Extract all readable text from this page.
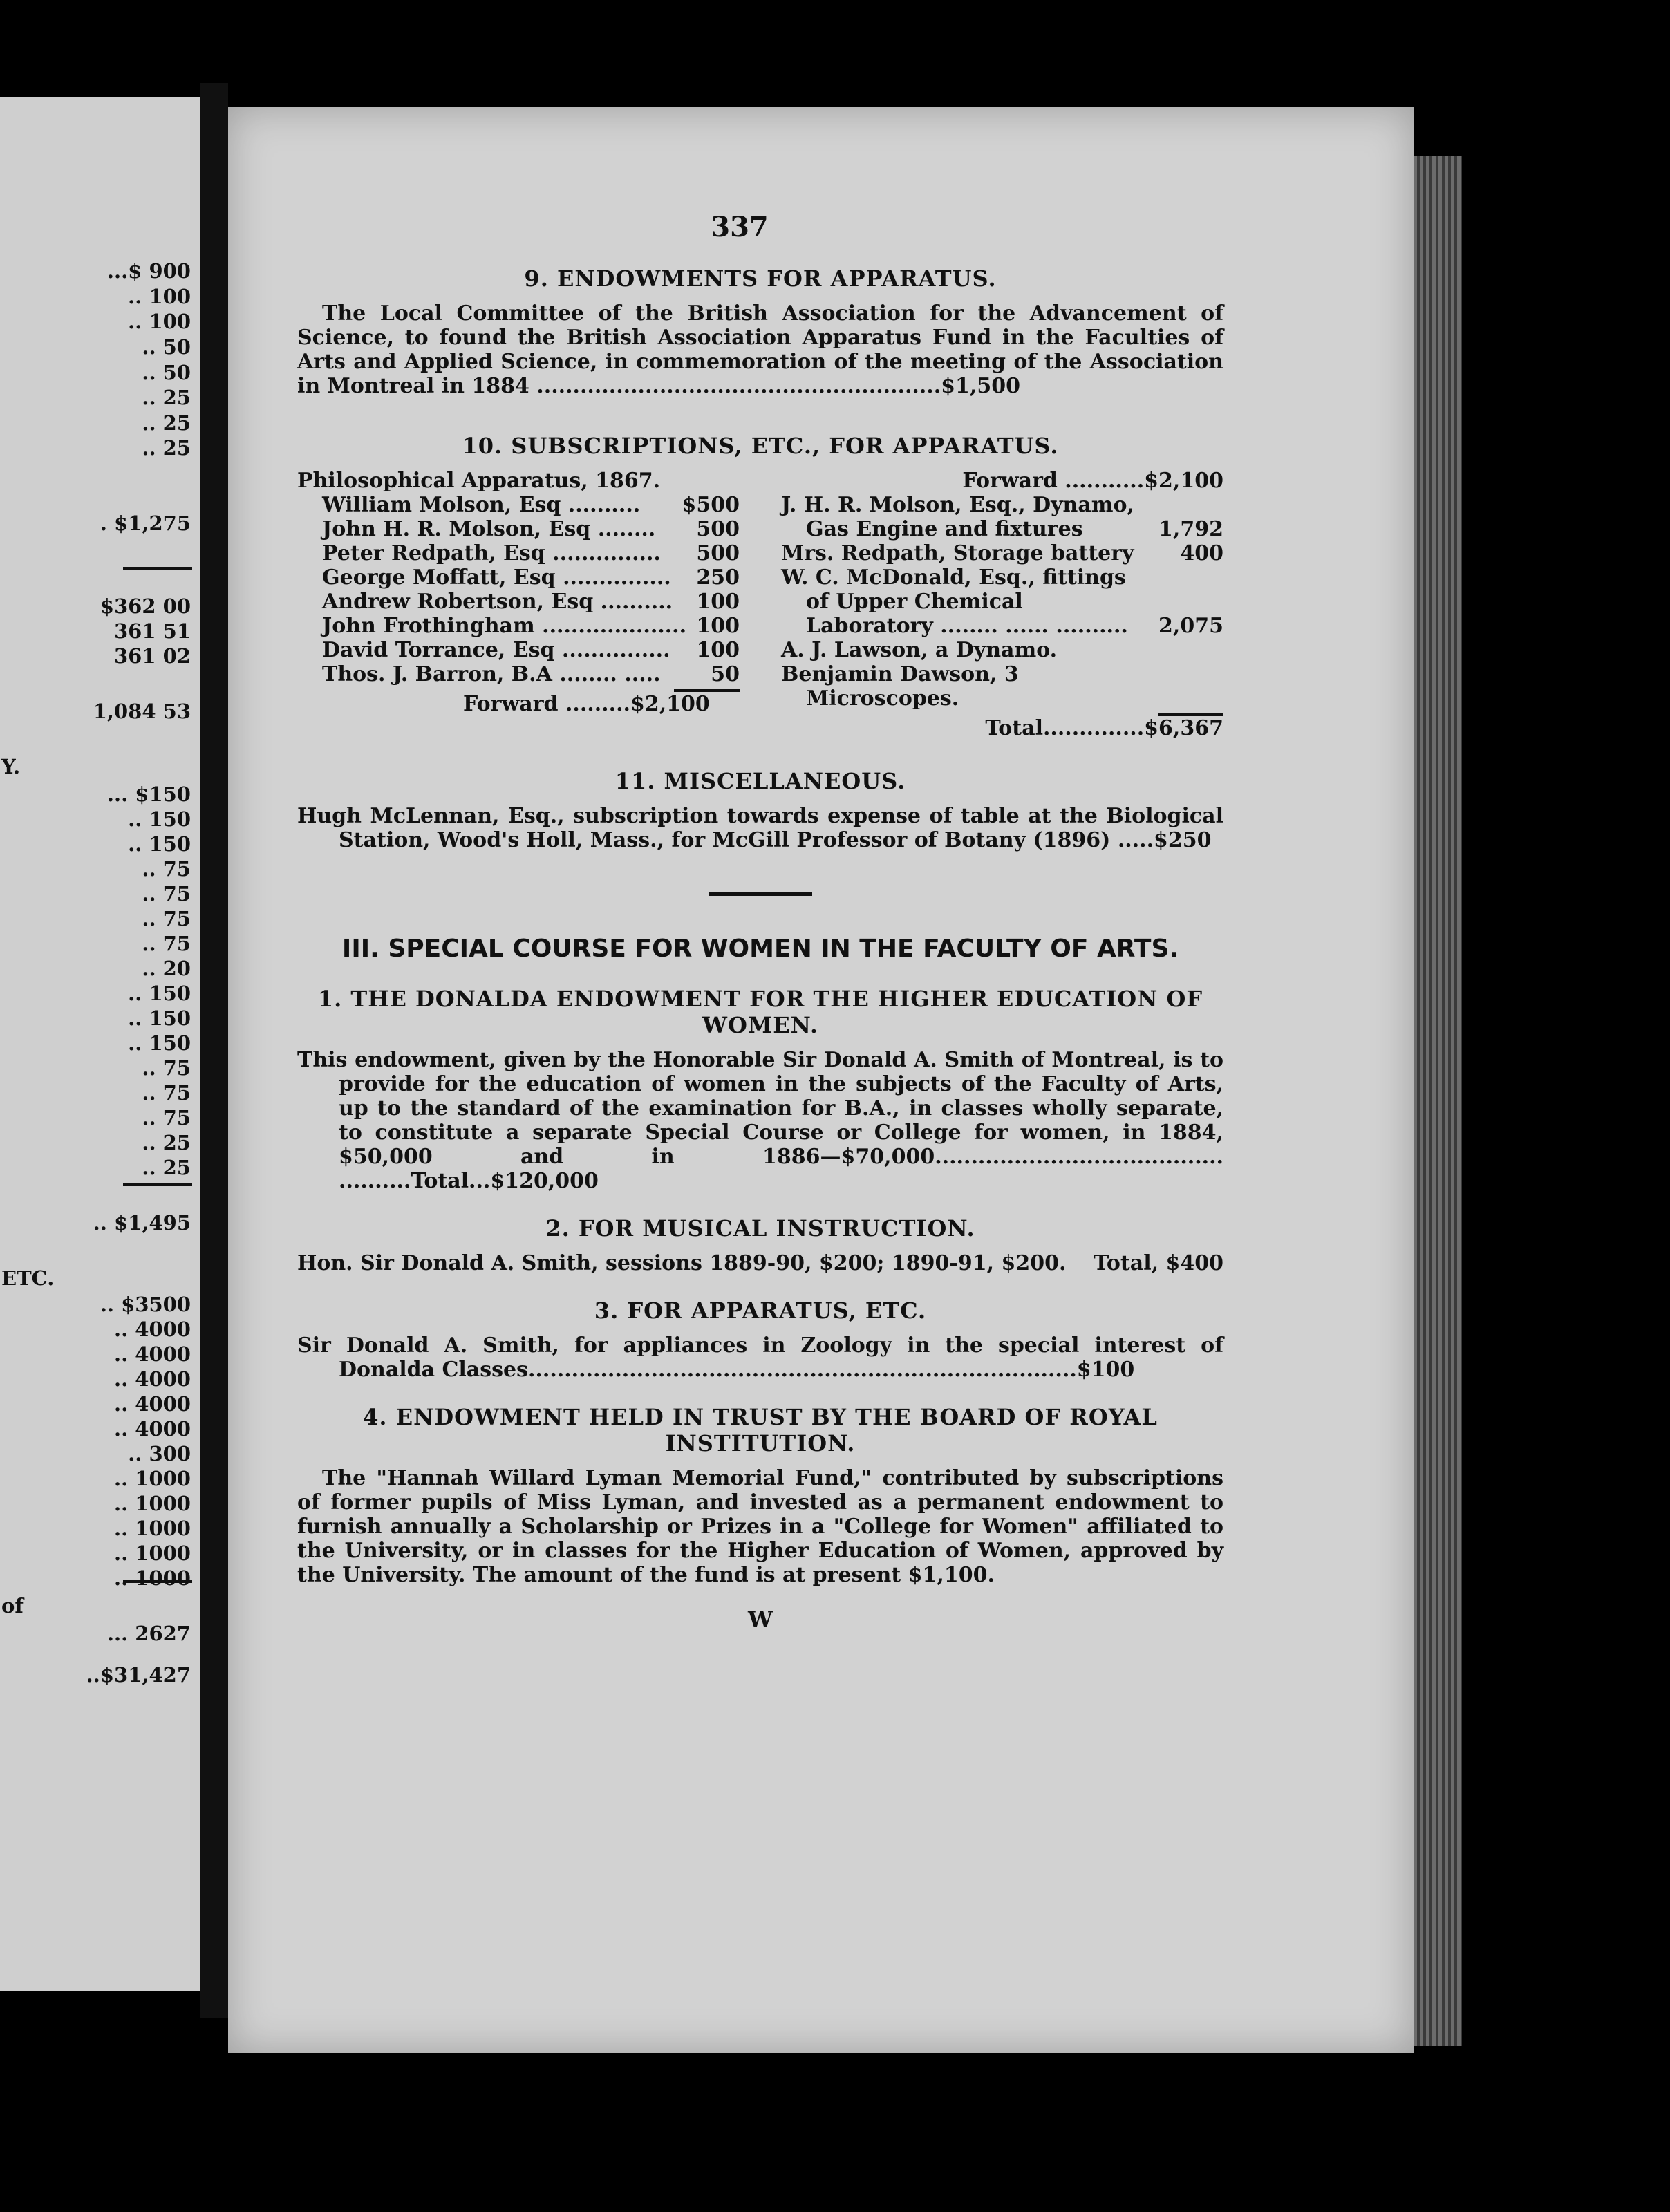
...$ 900
.. 100
.. 100
.. 50
.. 50
.. 25
.. 25
.. 25
. $1,275
$362 00
361 51
361 02
1,084 53
Y.
... $150
.. 150
.. 150
.. 75
.. 75
.. 75
.. 75
.. 20
.. 150
.. 150
.. 150
.. 75
.. 75
.. 75
.. 25
.. 25
.. $1,495
ETC.
.. $3500
.. 4000
.. 4000
.. 4000
.. 4000
.. 4000
.. 300
.. 1000
.. 1000
.. 1000
.. 1000
.. 1000
of
... 2627
..$31,427
337
9. ENDOWMENTS FOR APPARATUS.

The Local Committee of the British Association for the Advancement of Science, to found the British Association Apparatus Fund in the Faculties of Arts and Applied Science, in commemoration of the meeting of the Association in Montreal in 1884 ........................................................$1,500

10. SUBSCRIPTIONS, ETC., FOR APPARATUS.
Philosophical Apparatus, 1867.
William Molson, Esq .......... $500
John H. R. Molson, Esq ........ 500
Peter Redpath, Esq ............... 500
George Moffatt, Esq ............... 250
Andrew Robertson, Esq .......... 100
John Frothingham .................... 100
David Torrance, Esq ............... 100
Thos. J. Barron, B.A ........ ..... 50
Forward .........$2,100
Forward ...........$2,100
J. H. R. Molson, Esq., Dynamo, Gas Engine and fixtures	1,792
Mrs. Redpath, Storage battery	400
W. C. McDonald, Esq., fittings of Upper Chemical Laboratory ........ ...... ..........	2,075
A. J. Lawson, a Dynamo.
Benjamin Dawson, 3 Microscopes.
Total..............$6,367
11. MISCELLANEOUS.

Hugh McLennan, Esq., subscription towards expense of table at the Biological Station, Wood's Holl, Mass., for McGill Professor of Botany (1896) .....$250

III. SPECIAL COURSE FOR WOMEN IN THE FACULTY OF ARTS.
1. THE DONALDA ENDOWMENT FOR THE HIGHER EDUCATION OF WOMEN.

This endowment, given by the Honorable Sir Donald A. Smith of Montreal, is to provide for the education of women in the subjects of the Faculty of Arts, up to the standard of the examination for B.A., in classes wholly separate, to constitute a separate Special Course or College for women, in 1884, $50,000 and in 1886—$70,000........................................ ..........Total...$120,000

2. FOR MUSICAL INSTRUCTION.
Hon. Sir Donald A. Smith, sessions 1889-90, $200; 1890-91, $200. Total, $400
3. FOR APPARATUS, ETC.

Sir Donald A. Smith, for appliances in Zoology in the special interest of Donalda Classes............................................................................$100

4. ENDOWMENT HELD IN TRUST BY THE BOARD OF ROYAL INSTITUTION.

The "Hannah Willard Lyman Memorial Fund," contributed by subscriptions of former pupils of Miss Lyman, and invested as a permanent endowment to furnish annually a Scholarship or Prizes in a "College for Women" affiliated to the University, or in classes for the Higher Education of Women, approved by the University. The amount of the fund is at present $1,100.

W
